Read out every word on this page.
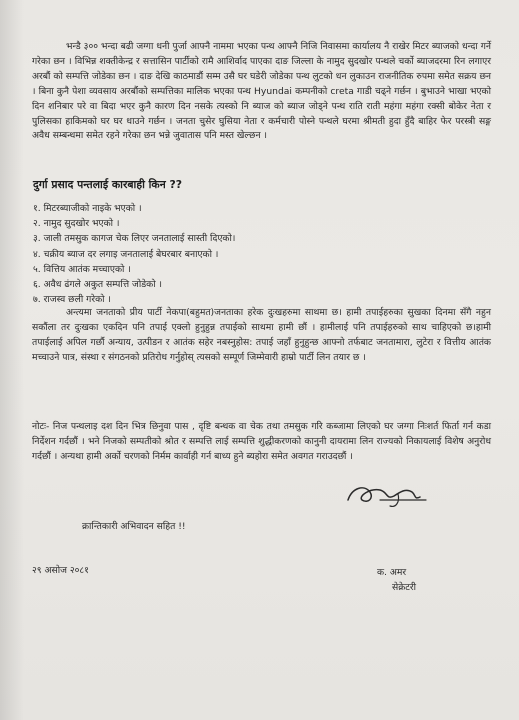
भन्डै ३०० भन्दा बढी जग्गा धनी पुर्जा आफ्नै नाममा भएका पन्थ आफ्नै निजि निवासमा कार्यालय नै राखेर मिटर ब्याजको धन्दा गर्ने गरेका छन । विभिन्न शक्तीकेन्द्र र सत्तासिन पार्टीको रामै आशिर्वाद पाएका दाङ जिल्ला के नामुद सुदखोर पन्थले चर्को ब्याजदरमा रिन लगाएर अरबौं को सम्पत्ति जोडेका छन । दाङ देखि काठमाडौं सम्म उसै घर घडेरी जोडेका पन्थ लुटको धन लुकाउन राजनीतिक रुपमा समेत सक्रय छन । बिना कुनै पेशा व्यवसाय अरबौंको सम्पत्तिका मालिक भएका पन्थ Hyundai कम्पनीको creta गाडी चढ्ने गर्छन । बुभाउने भाखा भएको दिन शनिबार परे वा बिदा भएर कुनै कारण दिन नसके त्यस्को नि ब्याज को ब्याज जोड्ने पन्थ राति राती महंगा महंगा रक्सी बोकेर नेता र पुलिसका हाकिमको घर घर धाउने गर्छन । जनता चुसेर घुसिया नेता र कर्मचारी पोस्ने पन्थले घरमा श्रीमती हुदा हुँदै बाहिर फेर परस्त्री सङ्ग अवैध सम्बन्धमा समेत रहने गरेका छन भन्ने जुवातास पनि मस्त खेल्छन ।
दुर्गा प्रसाद पन्तलाई कारबाही किन ??
१. मिटरब्याजीको नाइके भएको ।
२. नामुद सुदखोर भएको ।
३. जाली तमसुक कागज चेक लिएर जनतालाई सास्ती दिएको।
४. चक्रीय ब्याज दर लगाइ जनतालाई बेघरबार बनाएको ।
५. वित्तिय आतंक मच्चाएको ।
६. अवैध ढंगले अकुत सम्पत्ति जोडेको ।
७. राजस्व छली गरेको ।
अन्त्यमा जनताको प्रीय पार्टी नेकपा(बहुमत)जनताका हरेक दुःखहरुमा साथमा छ। हामी तपाईहरुका सुखका दिनमा सँगै नहुन सकौंला तर दुःखका एकदिन पनि तपाई एक्लो हुनुहुन्न तपाईको साथमा हामी छौं । हामीलाई पनि तपाईहरुको साथ चाहिएको छ।हामी तपाईलाई अपिल गर्छौ अन्याय, उत्पीडन र आतंक सहेर नबस्नुहोस: तपाई जहाँ हुनुहुन्छ आफ्नो तर्फबाट जनतामारा, लुटेरा र वित्तीय आतंक मच्चाउने पात्र, संस्था र संगठनको प्रतिरोध गर्नुहोस् त्यसको सम्पूर्ण जिम्मेवारी हाम्रो पार्टी लिन तयार छ ।
नोटः- निज पन्थलाइ दश दिन भित्र छिनुवा पास , दृष्टि बन्धक वा चेक तथा तमसुक गरि कब्जामा लिएको घर जग्गा निःशर्त फिर्ता गर्न कडा निर्देशन गर्दछौं । भने निजको सम्पतीको श्रोत र सम्पत्ति लाई सम्पत्ति शुद्धीकरणको कानुनी दायरामा लिन राज्यको निकायलाई विशेष अनुरोध गर्दछौं । अन्यथा हामी अर्को चरणको निर्मम कार्वाही गर्न बाध्य हुने ब्यहोरा समेत अवगत गराउदछौं ।
क्रान्तिकारी अभिवादन सहित !!
२९ असोज २०८१	क. अमर
सेक्रेटरी
